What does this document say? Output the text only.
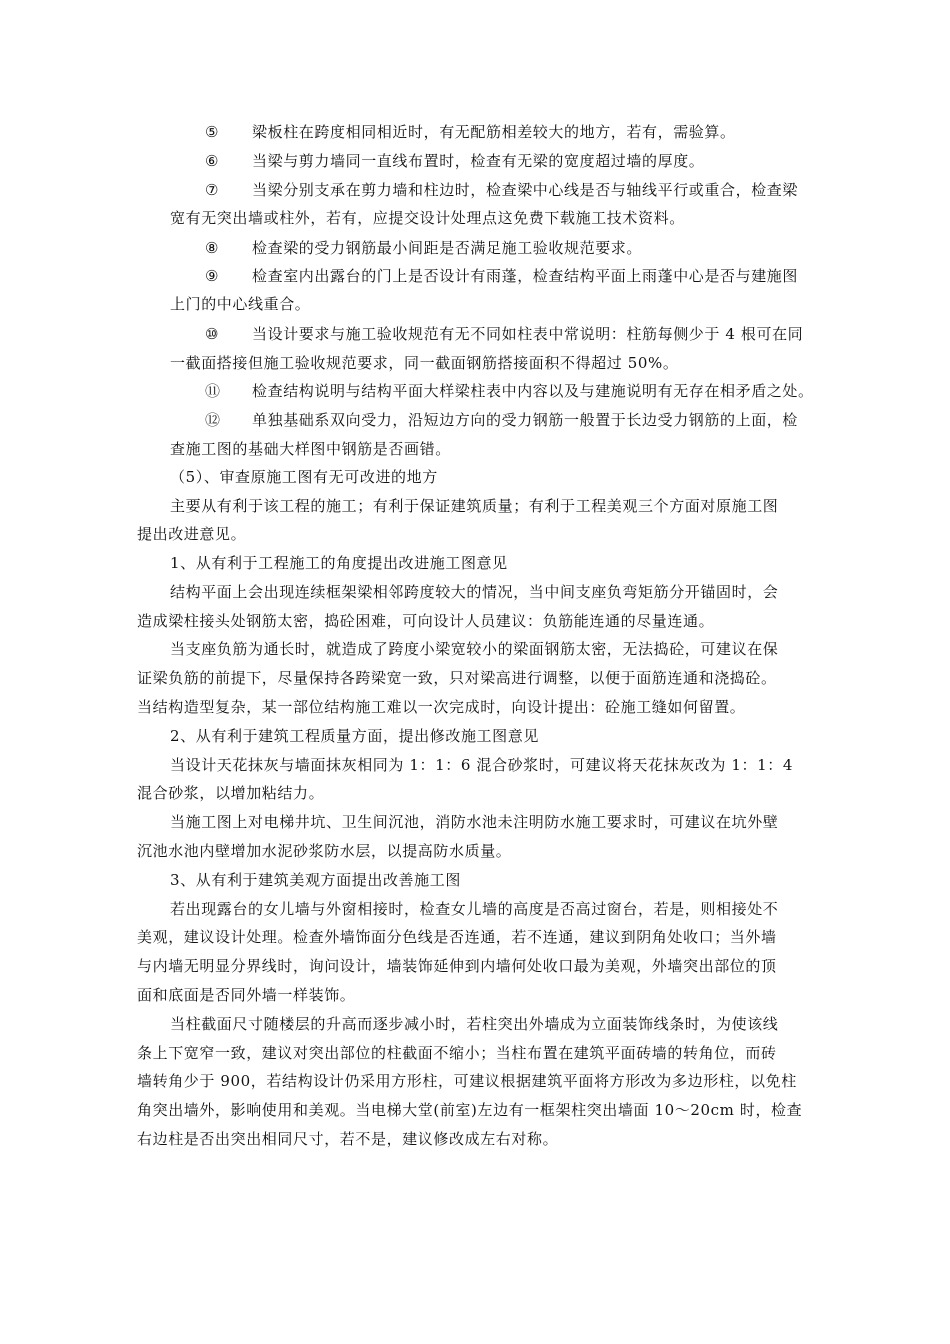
⑤ 梁板柱在跨度相同相近时，有无配筋相差较大的地方，若有，需验算。
⑥ 当梁与剪力墙同一直线布置时，检查有无梁的宽度超过墙的厚度。
⑦ 当梁分别支承在剪力墙和柱边时，检查梁中心线是否与轴线平行或重合，检查梁
宽有无突出墙或柱外，若有，应提交设计处理点这免费下载施工技术资料。
⑧ 检查梁的受力钢筋最小间距是否满足施工验收规范要求。
⑨ 检查室内出露台的门上是否设计有雨蓬，检查结构平面上雨蓬中心是否与建施图
上门的中心线重合。
⑩ 当设计要求与施工验收规范有无不同如柱表中常说明：柱筋每侧少于 4 根可在同
一截面搭接但施工验收规范要求，同一截面钢筋搭接面积不得超过 50%。
⑪ 检查结构说明与结构平面大样梁柱表中内容以及与建施说明有无存在相矛盾之处。
⑫ 单独基础系双向受力，沿短边方向的受力钢筋一般置于长边受力钢筋的上面，检
查施工图的基础大样图中钢筋是否画错。
（5）、审查原施工图有无可改进的地方
主要从有利于该工程的施工；有利于保证建筑质量；有利于工程美观三个方面对原施工图
提出改进意见。
1、从有利于工程施工的角度提出改进施工图意见
结构平面上会出现连续框架梁相邻跨度较大的情况，当中间支座负弯矩筋分开锚固时，会
造成梁柱接头处钢筋太密，捣砼困难，可向设计人员建议：负筋能连通的尽量连通。
当支座负筋为通长时，就造成了跨度小梁宽较小的梁面钢筋太密，无法捣砼，可建议在保
证梁负筋的前提下，尽量保持各跨梁宽一致，只对梁高进行调整，以便于面筋连通和浇捣砼。
当结构造型复杂，某一部位结构施工难以一次完成时，向设计提出：砼施工缝如何留置。
2、从有利于建筑工程质量方面，提出修改施工图意见
当设计天花抹灰与墙面抹灰相同为 1：1：6 混合砂浆时，可建议将天花抹灰改为 1：1：4
混合砂浆，以增加粘结力。
当施工图上对电梯井坑、卫生间沉池，消防水池未注明防水施工要求时，可建议在坑外壁
沉池水池内壁增加水泥砂浆防水层，以提高防水质量。
3、从有利于建筑美观方面提出改善施工图
若出现露台的女儿墙与外窗相接时，检查女儿墙的高度是否高过窗台，若是，则相接处不
美观，建议设计处理。检查外墙饰面分色线是否连通，若不连通，建议到阴角处收口；当外墙
与内墙无明显分界线时，询问设计，墙装饰延伸到内墙何处收口最为美观，外墙突出部位的顶
面和底面是否同外墙一样装饰。
当柱截面尺寸随楼层的升高而逐步减小时，若柱突出外墙成为立面装饰线条时，为使该线
条上下宽窄一致，建议对突出部位的柱截面不缩小；当柱布置在建筑平面砖墙的转角位，而砖
墙转角少于 900，若结构设计仍采用方形柱，可建议根据建筑平面将方形改为多边形柱，以免柱
角突出墙外，影响使用和美观。当电梯大堂(前室)左边有一框架柱突出墙面 10～20cm 时，检查
右边柱是否出突出相同尺寸，若不是，建议修改成左右对称。
